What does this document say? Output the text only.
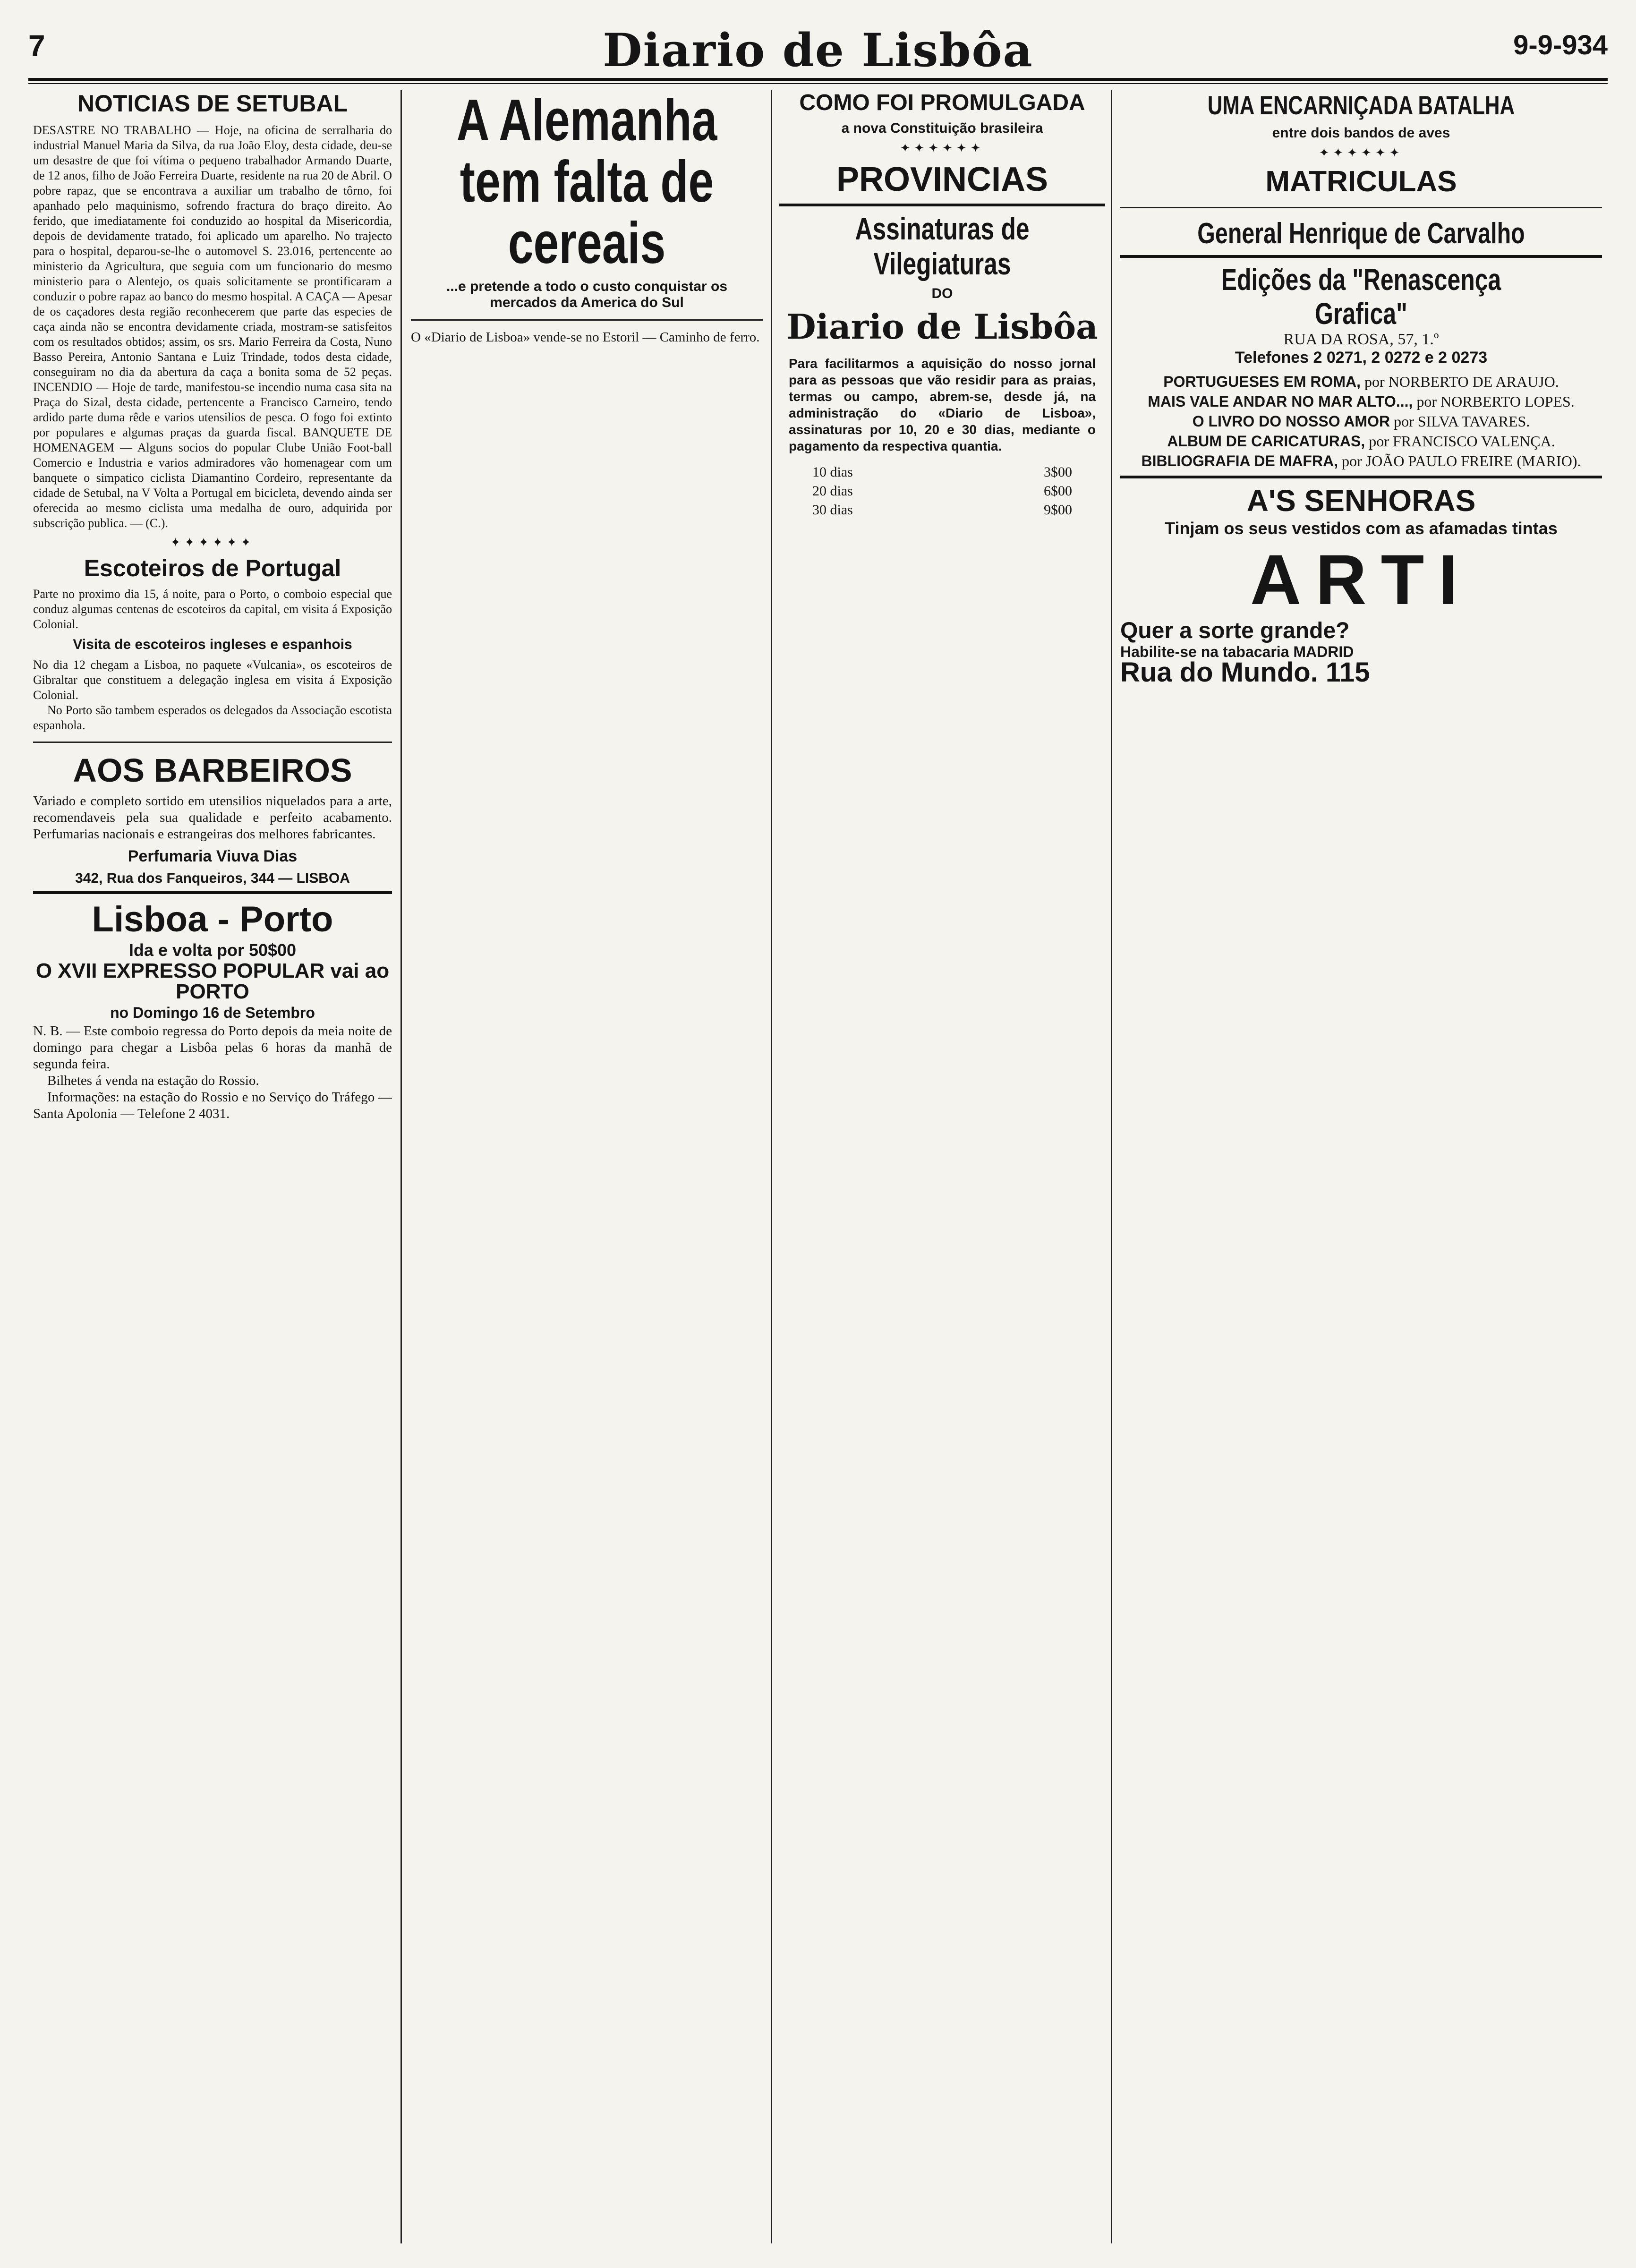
7	Diario de Lisbôa	9-9-934
NOTICIAS DE SETUBAL

DESASTRE NO TRABALHO — Hoje, na oficina de serralharia do industrial Manuel Maria da Silva, da rua João Eloy, desta cidade, deu-se um desastre de que foi vítima o pequeno trabalhador Armando Duarte, de 12 anos, filho de João Ferreira Duarte, residente na rua 20 de Abril. O pobre rapaz, que se encontrava a auxiliar um trabalho de tôrno, foi apanhado pelo maquinismo, sofrendo fractura do braço direito. Ao ferido, que imediatamente foi conduzido ao hospital da Misericordia, depois de devidamente tratado, foi aplicado um aparelho. No trajecto para o hospital, deparou-se-lhe o automovel S. 23.016, pertencente ao ministerio da Agricultura, que seguia com um funcionario do mesmo ministerio para o Alentejo, os quais solicitamente se prontificaram a conduzir o pobre rapaz ao banco do mesmo hospital. A CAÇA — Apesar de os caçadores desta região reconhecerem que parte das especies de caça ainda não se encontra devidamente criada, mostram-se satisfeitos com os resultados obtidos; assim, os srs. Mario Ferreira da Costa, Nuno Basso Pereira, Antonio Santana e Luiz Trindade, todos desta cidade, conseguiram no dia da abertura da caça a bonita soma de 52 peças. INCENDIO — Hoje de tarde, manifestou-se incendio numa casa sita na Praça do Sizal, desta cidade, pertencente a Francisco Carneiro, tendo ardido parte duma rêde e varios utensilios de pesca. O fogo foi extinto por populares e algumas praças da guarda fiscal. BANQUETE DE HOMENAGEM — Alguns socios do popular Clube União Foot-ball Comercio e Industria e varios admiradores vão homenagear com um banquete o simpatico ciclista Diamantino Cordeiro, representante da cidade de Setubal, na V Volta a Portugal em bicicleta, devendo ainda ser oferecida ao mesmo ciclista uma medalha de ouro, adquirida por subscrição publica. — (C.).

✦✦✦✦✦✦
Escoteiros de Portugal

Parte no proximo dia 15, á noite, para o Porto, o comboio especial que conduz algumas centenas de escoteiros da capital, em visita á Exposição Colonial.

Visita de escoteiros ingleses e espanhois

No dia 12 chegam a Lisboa, no paquete «Vulcania», os escoteiros de Gibraltar que constituem a delegação inglesa em visita á Exposição Colonial.

No Porto são tambem esperados os delegados da Associação escotista espanhola.

AOS BARBEIROS

Variado e completo sortido em utensilios niquelados para a arte, recomendaveis pela sua qualidade e perfeito acabamento. Perfumarias nacionais e estrangeiras dos melhores fabricantes.

Perfumaria Viuva Dias
342, Rua dos Fanqueiros, 344 — LISBOA
Lisboa - Porto
Ida e volta por 50$00
O XVII EXPRESSO POPULAR vai ao PORTO
no Domingo 16 de Setembro

N. B. — Este comboio regressa do Porto depois da meia noite de domingo para chegar a Lisbôa pelas 6 horas da manhã de segunda feira.

Bilhetes á venda na estação do Rossio.

Informações: na estação do Rossio e no Serviço do Tráfego — Santa Apolonia — Telefone 2 4031.

A Alemanha tem falta de cereais
...e pretende a todo o custo conquistar os mercados da America do Sul

O «Diario de Lisboa» vende-se no Estoril — Caminho de ferro.

COMO FOI PROMULGADA
a nova Constituição brasileira
✦✦✦✦✦✦
PROVINCIAS
Assinaturas de Vilegiaturas
DO
Diario de Lisbôa

Para facilitarmos a aquisição do nosso jornal para as pessoas que vão residir para as praias, termas ou campo, abrem-se, desde já, na administração do «Diario de Lisboa», assinaturas por 10, 20 e 30 dias, mediante o pagamento da respectiva quantia.

10 dias	3$00
20 dias	6$00
30 dias	9$00
UMA ENCARNIÇADA BATALHA
entre dois bandos de aves
✦✦✦✦✦✦
MATRICULAS
General Henrique de Carvalho
Edições da "Renascença Grafica"
RUA DA ROSA, 57, 1.º
Telefones 2 0271, 2 0272 e 2 0273
PORTUGUESES EM ROMA, por NORBERTO DE ARAUJO.
MAIS VALE ANDAR NO MAR ALTO..., por NORBERTO LOPES.
O LIVRO DO NOSSO AMOR por SILVA TAVARES.
ALBUM DE CARICATURAS, por FRANCISCO VALENÇA.
BIBLIOGRAFIA DE MAFRA, por JOÃO PAULO FREIRE (MARIO).
A'S SENHORAS
Tinjam os seus vestidos com as afamadas tintas
ARTI
Quer a sorte grande?
Habilite-se na tabacaria MADRID
Rua do Mundo. 115
